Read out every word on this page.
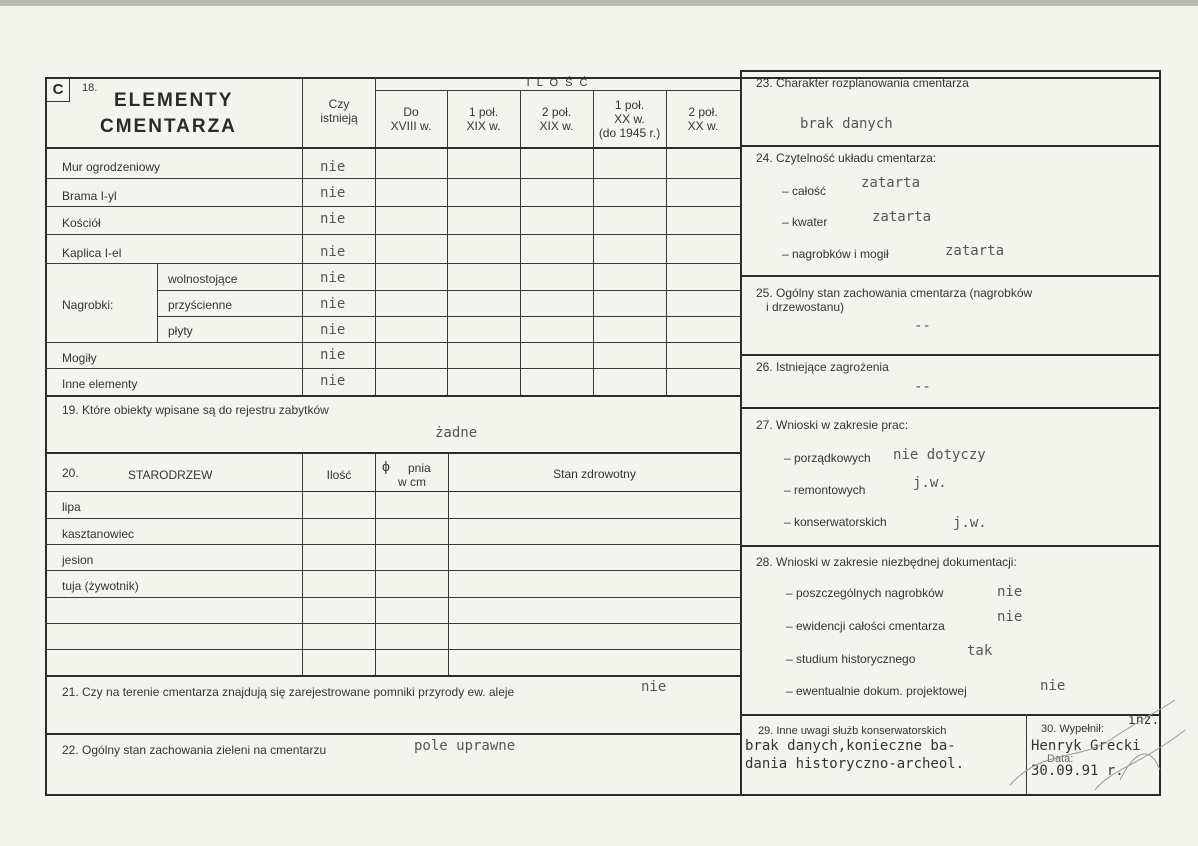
C	18.
ELEMENTY
CMENTARZA
Czy
istnieją
I L O Ś Ć
Do
XVIII w.
1 poł.
XIX w.
2 poł.
XIX w.
1 poł.
XX w.
(do 1945 r.)
2 poł.
XX w.
Mur ogrodzeniowy	nie
Brama I-yl	nie
Kościół	nie
Kaplica I-el	nie
Nagrobki:
wolnostojące	nie
przyścienne	nie
płyty	nie
Mogiły	nie
Inne elementy	nie
19. Które obiekty wpisane są do rejestru zabytków
żadne
20.	STARODRZEW	Ilość
ϕ pnia
w cm
Stan zdrowotny
lipa
kasztanowiec
jesion
tuja (żywotnik)
21. Czy na terenie cmentarza znajdują się zarejestrowane pomniki przyrody ew. aleje	nie
22. Ogólny stan zachowania zieleni na cmentarzu	pole uprawne
23. Charakter rozplanowania cmentarza
brak danych
24. Czytelność układu cmentarza:
– całość zatarta
– kwater	zatarta
– nagrobków i mogił	zatarta
25. Ogólny stan zachowania cmentarza (nagrobków
i drzewostanu)
--
26. Istniejące zagrożenia
--
27. Wnioski w zakresie prac:
– porządkowych nie dotyczy
– remontowych	j.w.
– konserwatorskich	j.w.
28. Wnioski w zakresie niezbędnej dokumentacji:
– poszczególnych nagrobków	nie
– ewidencji całości cmentarza
nie
– studium historycznego	tak
– ewentualnie dokum. projektowej	nie
29. Inne uwagi służb konserwatorskich
brak danych,konieczne ba-
dania historyczno-archeol.
30. Wypełnił:
inż.
Henryk Grecki
Data:
30.09.91 r.
